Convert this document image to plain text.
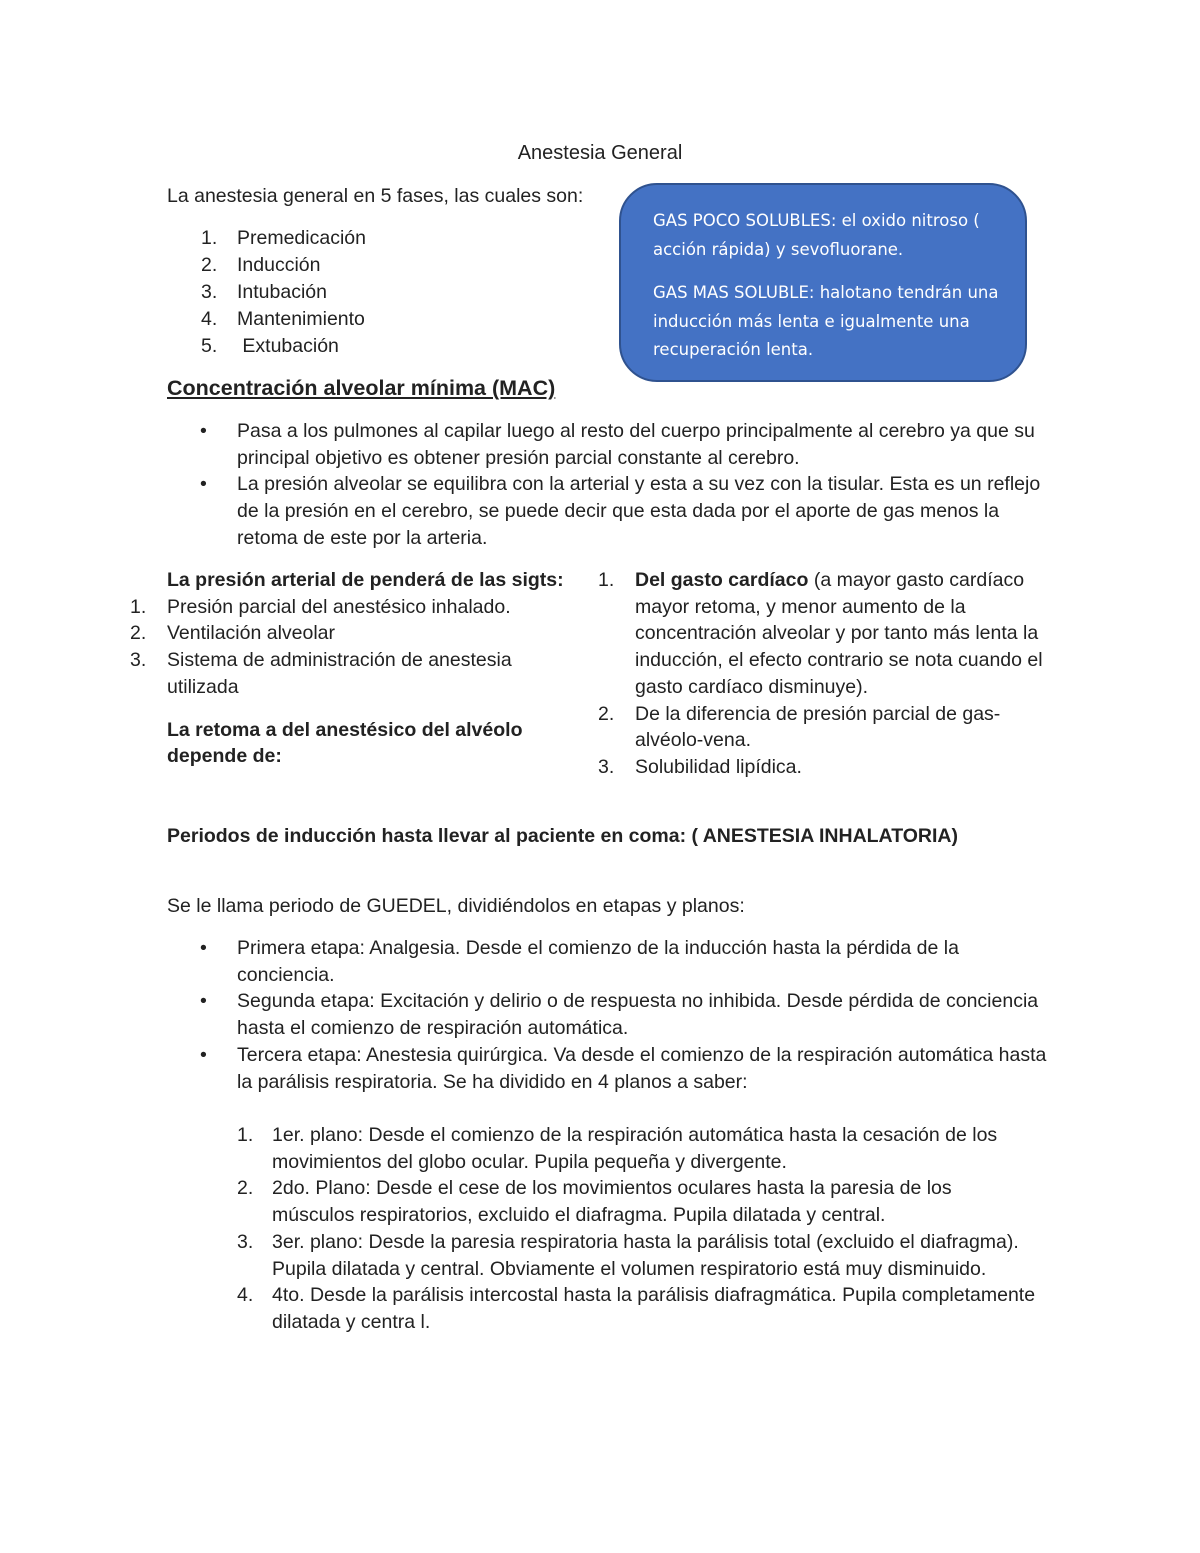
Anestesia General
La anestesia general en 5 fases, las cuales son:
1. Premedicación
2. Inducción
3. Intubación
4. Mantenimiento
5. Extubación

GAS POCO SOLUBLES: el oxido nitroso ( acción rápida) y sevofluorane.

GAS MAS SOLUBLE: halotano tendrán una inducción más lenta e igualmente una recuperación lenta.

Concentración alveolar mínima (MAC)
• Pasa a los pulmones al capilar luego al resto del cuerpo principalmente al cerebro ya que su principal objetivo es obtener presión parcial constante al cerebro.
• La presión alveolar se equilibra con la arterial y esta a su vez con la tisular. Esta es un reflejo de la presión en el cerebro, se puede decir que esta dada por el aporte de gas menos la retoma de este por la arteria.
La presión arterial de penderá de las sigts:
1. Presión parcial del anestésico inhalado.
2. Ventilación alveolar
3. Sistema de administración de anestesia utilizada
La retoma a del anestésico del alvéolo depende de:
1. Del gasto cardíaco (a mayor gasto cardíaco mayor retoma, y menor aumento de la concentración alveolar y por tanto más lenta la inducción, el efecto contrario se nota cuando el gasto cardíaco disminuye).
2. De la diferencia de presión parcial de gas-alvéolo-vena.
3. Solubilidad lipídica.
Periodos de inducción hasta llevar al paciente en coma: ( ANESTESIA INHALATORIA)
Se le llama periodo de GUEDEL, dividiéndolos en etapas y planos:
• Primera etapa: Analgesia. Desde el comienzo de la inducción hasta la pérdida de la conciencia.
• Segunda etapa: Excitación y delirio o de respuesta no inhibida. Desde pérdida de conciencia hasta el comienzo de respiración automática.
• Tercera etapa: Anestesia quirúrgica. Va desde el comienzo de la respiración automática hasta la parálisis respiratoria. Se ha dividido en 4 planos a saber:
1. 1er. plano: Desde el comienzo de la respiración automática hasta la cesación de los movimientos del globo ocular. Pupila pequeña y divergente.
2. 2do. Plano: Desde el cese de los movimientos oculares hasta la paresia de los músculos respiratorios, excluido el diafragma. Pupila dilatada y central.
3. 3er. plano: Desde la paresia respiratoria hasta la parálisis total (excluido el diafragma). Pupila dilatada y central. Obviamente el volumen respiratorio está muy disminuido.
4. 4to. Desde la parálisis intercostal hasta la parálisis diafragmática. Pupila completamente dilatada y centra l.
